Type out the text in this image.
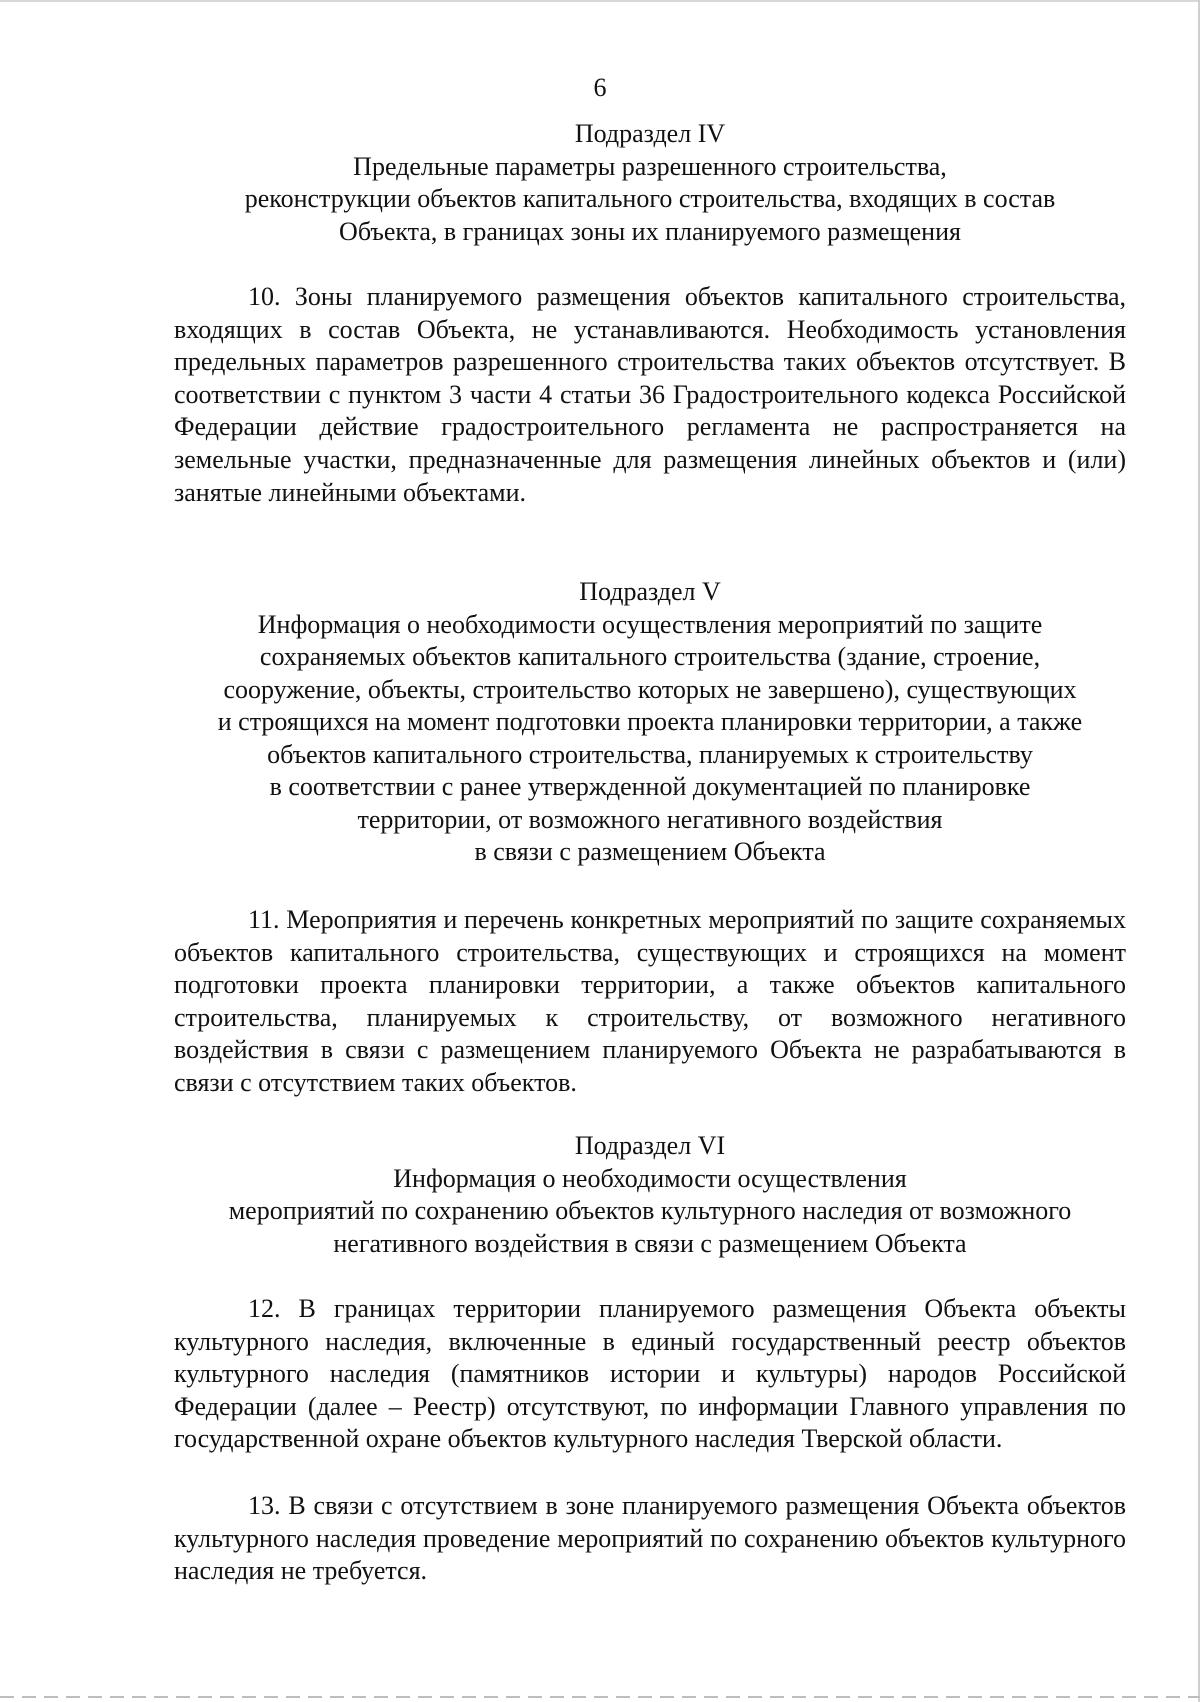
6
Подраздел IV
Предельные параметры разрешенного строительства,
реконструкции объектов капитального строительства, входящих в состав
Объекта, в границах зоны их планируемого размещения

10. Зоны планируемого размещения объектов капитального строительства, входящих в состав Объекта, не устанавливаются. Необходимость установления предельных параметров разрешенного строительства таких объектов отсутствует. В соответствии с пунктом 3 части 4 статьи 36 Градостроительного кодекса Российской Федерации действие градостроительного регламента не распространяется на земельные участки, предназначенные для размещения линейных объектов и (или) занятые линейными объектами.

Подраздел V
Информация о необходимости осуществления мероприятий по защите
сохраняемых объектов капитального строительства (здание, строение,
сооружение, объекты, строительство которых не завершено), существующих
и строящихся на момент подготовки проекта планировки территории, а также
объектов капитального строительства, планируемых к строительству
в соответствии с ранее утвержденной документацией по планировке
территории, от возможного негативного воздействия
в связи с размещением Объекта

11. Мероприятия и перечень конкретных мероприятий по защите сохраняемых объектов капитального строительства, существующих и строящихся на момент подготовки проекта планировки территории, а также объектов капитального строительства, планируемых к строительству, от возможного негативного воздействия в связи с размещением планируемого Объекта не разрабатываются в связи с отсутствием таких объектов.

Подраздел VI
Информация о необходимости осуществления
мероприятий по сохранению объектов культурного наследия от возможного
негативного воздействия в связи с размещением Объекта

12. В границах территории планируемого размещения Объекта объекты культурного наследия, включенные в единый государственный реестр объектов культурного наследия (памятников истории и культуры) народов Российской Федерации (далее – Реестр) отсутствуют, по информации Главного управления по государственной охране объектов культурного наследия Тверской области.

13. В связи с отсутствием в зоне планируемого размещения Объекта объектов культурного наследия проведение мероприятий по сохранению объектов культурного наследия не требуется.
